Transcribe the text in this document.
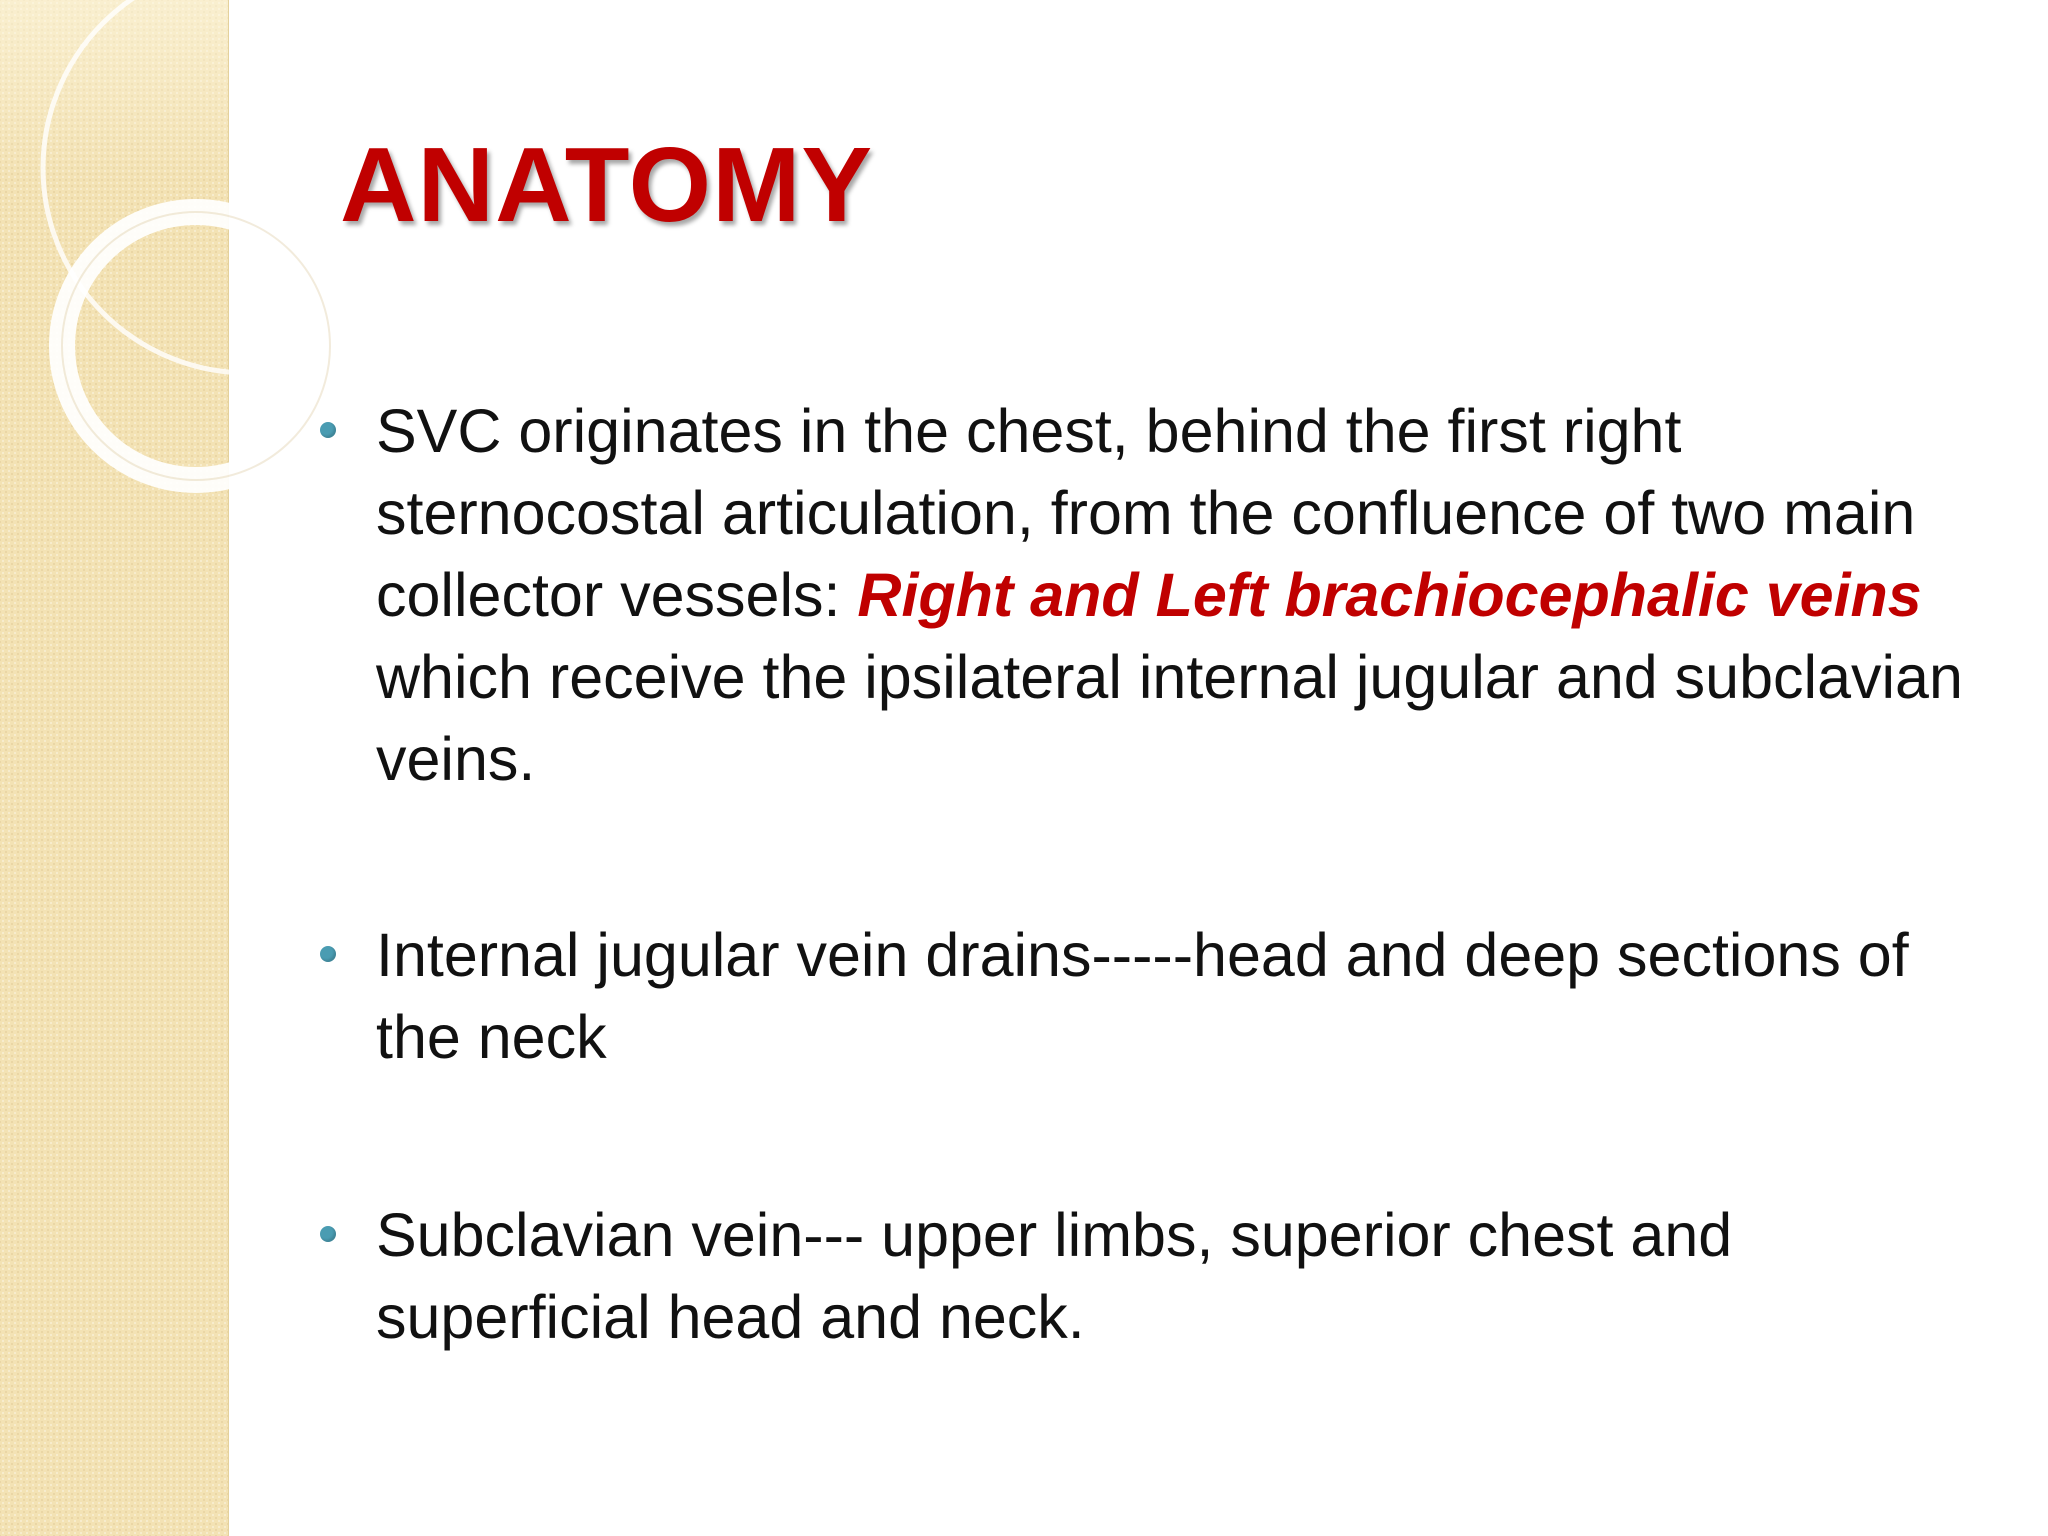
ANATOMY
SVC originates in the chest, behind the first right sternocostal articulation, from the confluence of two main collector vessels: Right and Left brachiocephalic veins which receive the ipsilateral internal jugular and subclavian veins.
Internal jugular vein drains-----head and deep sections of the neck
Subclavian vein--- upper limbs, superior chest and superficial head and neck.
